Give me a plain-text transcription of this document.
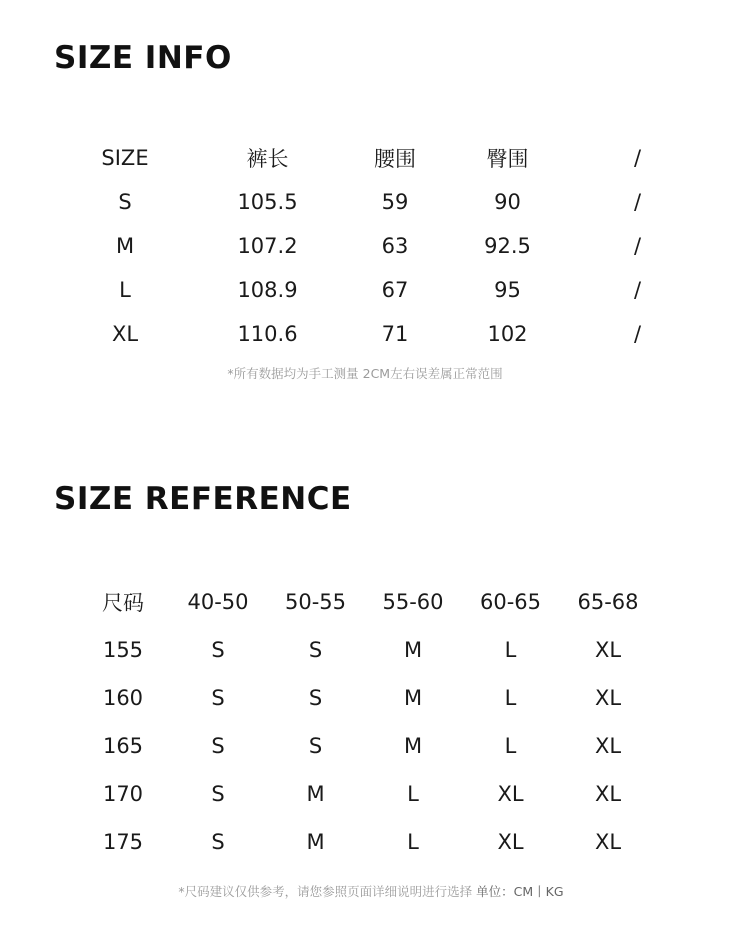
SIZE INFO
SIZE	裤长	腰围	臀围	/
S	105.5	59	90	/
M	107.2	63	92.5	/
L	108.9	67	95	/
XL	110.6	71	102	/
*所有数据均为手工测量 2CM左右误差属正常范围
SIZE REFERENCE
尺码	40-50	50-55	55-60	60-65	65-68
155	S	S	M	L	XL
160	S	S	M	L	XL
165	S	S	M	L	XL
170	S	M	L	XL	XL
175	S	M	L	XL	XL
*尺码建议仅供参考，请您参照页面详细说明进行选择 单位：CM丨KG
